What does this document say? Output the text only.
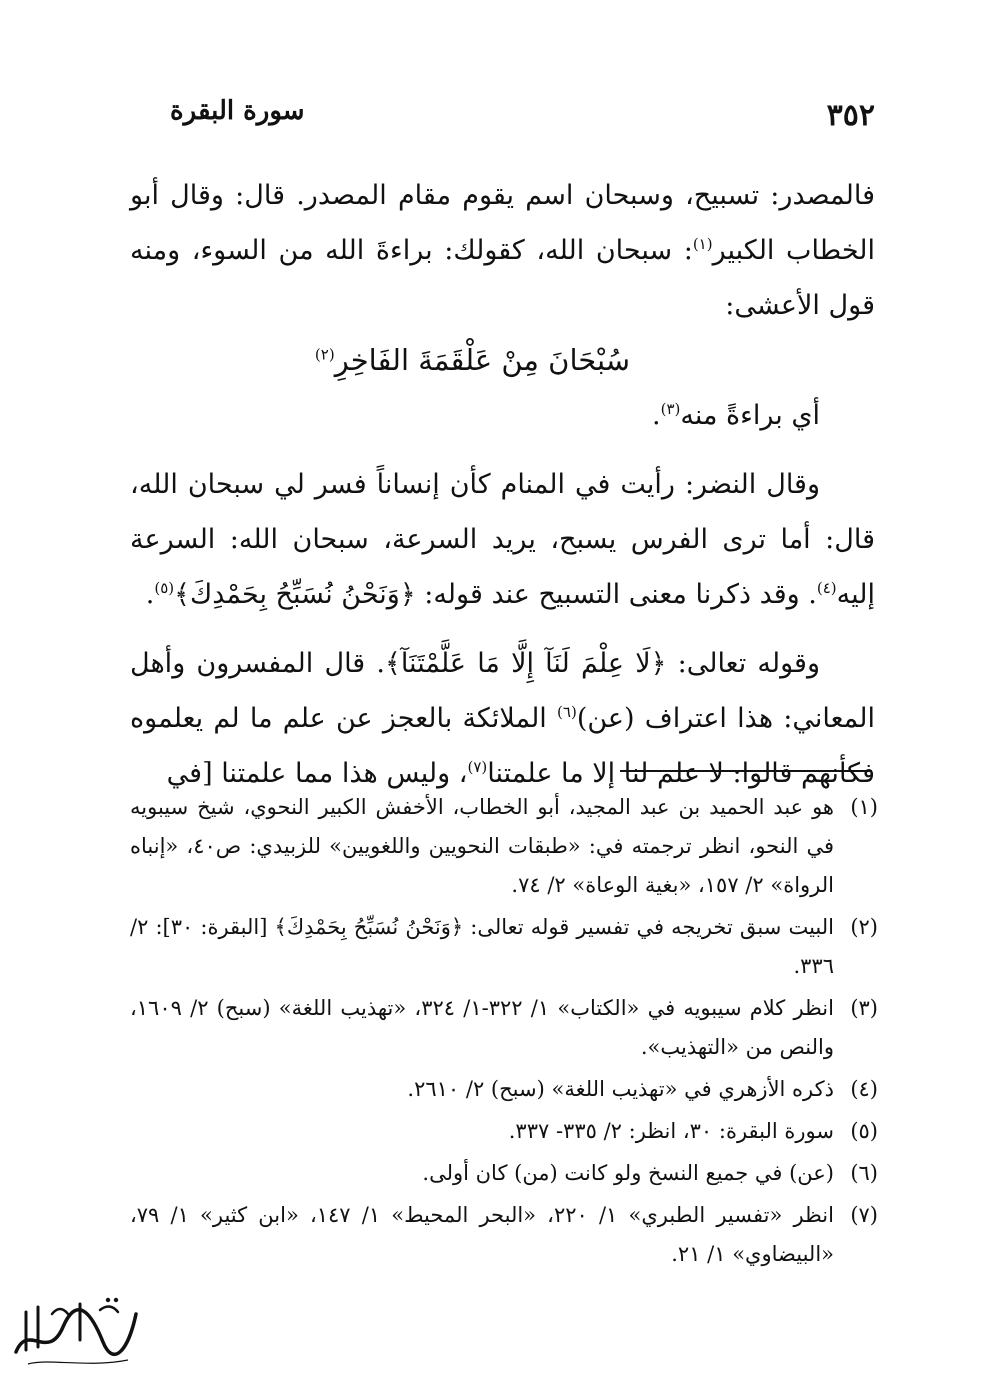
٣٥٢
سورة البقرة

فالمصدر: تسبيح، وسبحان اسم يقوم مقام المصدر. قال: وقال أبو الخطاب الكبير$^{(١)}$: سبحان الله، كقولك: براءةَ الله من السوء، ومنه قول الأعشى:

سُبْحَانَ مِنْ عَلْقَمَةَ الفَاخِرِ$^{(٢)}$

أي براءةً منه$^{(٣)}$.

وقال النضر: رأيت في المنام كأن إنساناً فسر لي سبحان الله، قال: أما ترى الفرس يسبح، يريد السرعة، سبحان الله: السرعة إليه$^{(٤)}$. وقد ذكرنا معنى التسبيح عند قوله: ﴿وَنَحْنُ نُسَبِّحُ بِحَمْدِكَ﴾$^{(٥)}$.

وقوله تعالى: ﴿لَا عِلْمَ لَنَآ إِلَّا مَا عَلَّمْتَنَآ﴾. قال المفسرون وأهل المعاني: هذا اعتراف (عن)$^{(٦)}$ الملائكة بالعجز عن علم ما لم يعلموه فكأنهم قالوا: لا علم لنا إلا ما علمتنا$^{(٧)}$، وليس هذا مما علمتنا [في

(١)
هو عبد الحميد بن عبد المجيد، أبو الخطاب، الأخفش الكبير النحوي، شيخ سيبويه في النحو، انظر ترجمته في: «طبقات النحويين واللغويين» للزبيدي: ص٤٠، «إنباه الرواة» ٢/ ١٥٧، «بغية الوعاة» ٢/ ٧٤.
(٢)
البيت سبق تخريجه في تفسير قوله تعالى: ﴿وَنَحْنُ نُسَبِّحُ بِحَمْدِكَ﴾ [البقرة: ٣٠]: ٢/ ٣٣٦.
(٣)
انظر كلام سيبويه في «الكتاب» ١/ ٣٢٢-١/ ٣٢٤، «تهذيب اللغة» (سبح) ٢/ ١٦٠٩، والنص من «التهذيب».
(٤)
ذكره الأزهري في «تهذيب اللغة» (سبح) ٢/ ٢٦١٠.
(٥)
سورة البقرة: ٣٠، انظر: ٢/ ٣٣٥- ٣٣٧.
(٦)
(عن) في جميع النسخ ولو كانت (من) كان أولى.
(٧)
انظر «تفسير الطبري» ١/ ٢٢٠، «البحر المحيط» ١/ ١٤٧، «ابن كثير» ١/ ٧٩، «البيضاوي» ١/ ٢١.
